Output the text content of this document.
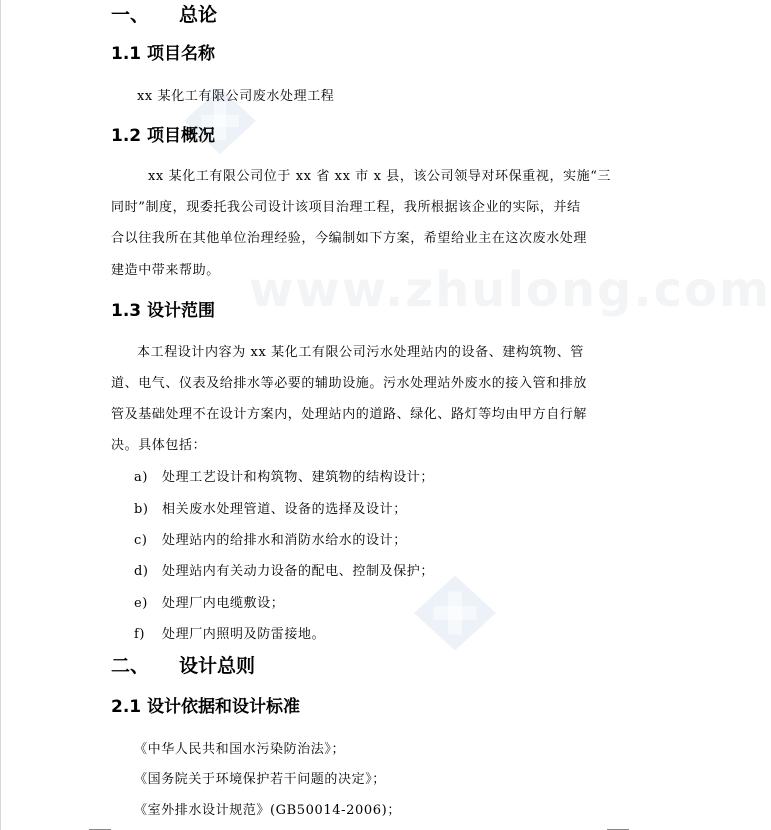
www.zhulong.com
一、 总论
1.1 项目名称
xx 某化工有限公司废水处理工程
1.2 项目概况
xx 某化工有限公司位于 xx 省 xx 市 x 县，该公司领导对环保重视，实施“三
同时”制度，现委托我公司设计该项目治理工程，我所根据该企业的实际，并结
合以往我所在其他单位治理经验，今编制如下方案，希望给业主在这次废水处理
建造中带来帮助。
1.3 设计范围
本工程设计内容为 xx 某化工有限公司污水处理站内的设备、建构筑物、管
道、电气、仪表及给排水等必要的辅助设施。污水处理站外废水的接入管和排放
管及基础处理不在设计方案内，处理站内的道路、绿化、路灯等均由甲方自行解
决。具体包括：
a) 处理工艺设计和构筑物、建筑物的结构设计；
b) 相关废水处理管道、设备的选择及设计；
c) 处理站内的给排水和消防水给水的设计；
d) 处理站内有关动力设备的配电、控制及保护；
e) 处理厂内电缆敷设；
f) 处理厂内照明及防雷接地。
二、 设计总则
2.1 设计依据和设计标准
《中华人民共和国水污染防治法》；
《国务院关于环境保护若干问题的决定》；
《室外排水设计规范》(GB50014-2006)；
